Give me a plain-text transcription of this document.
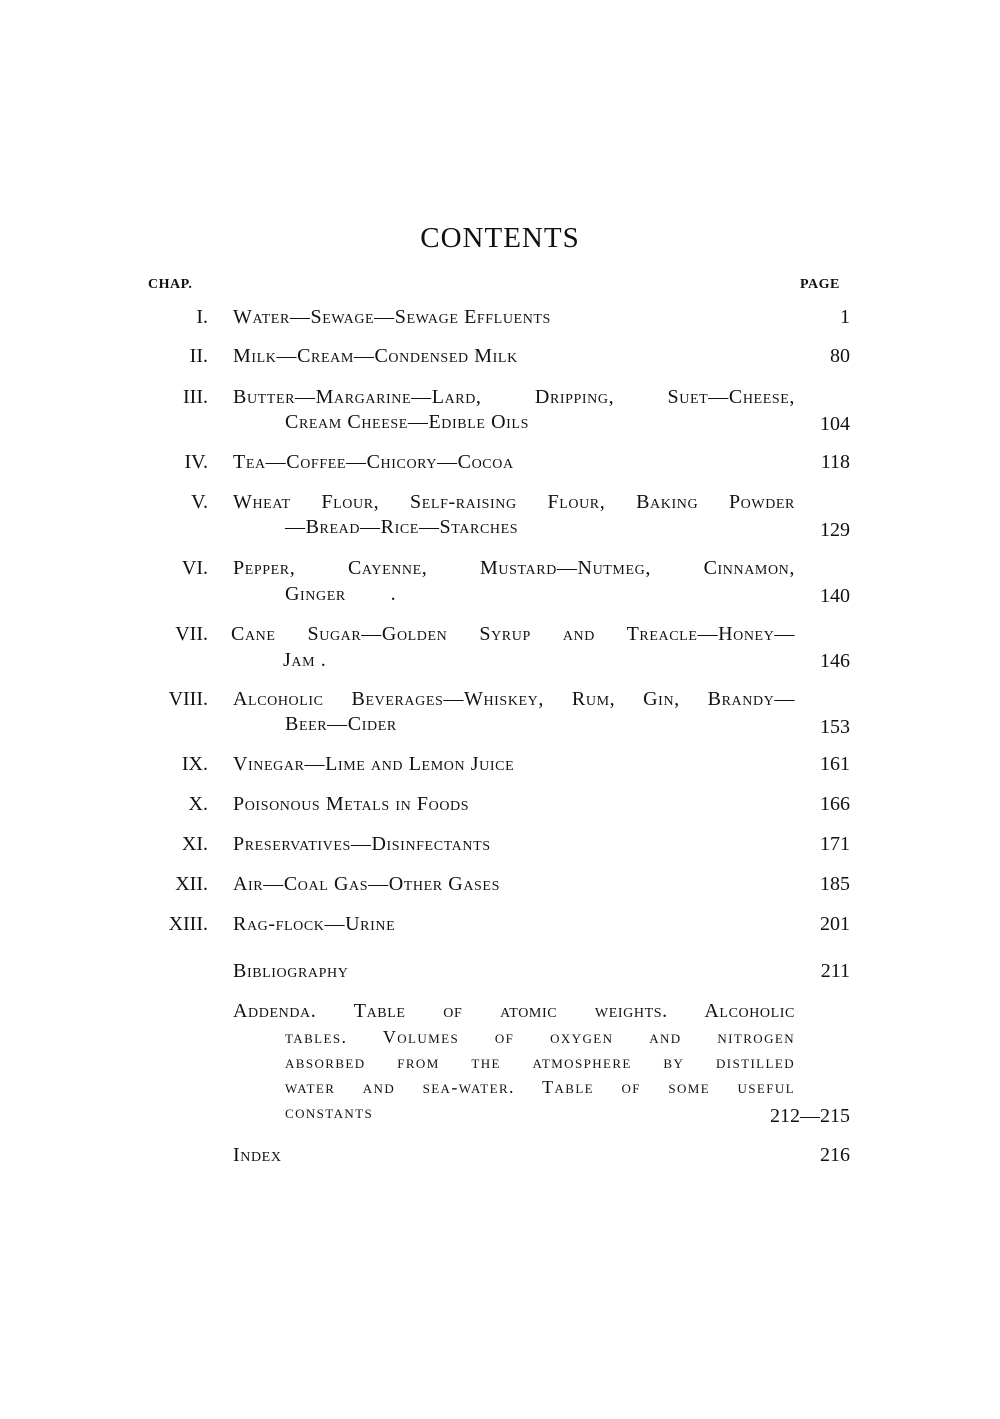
CONTENTS
CHAP.	PAGE
I. Water—Sewage—Sewage Effluents	1
II. Milk—Cream—Condensed Milk	80
III. Butter—Margarine—Lard, Dripping, Suet—Cheese,
Cream Cheese—Edible Oils	104
IV. Tea—Coffee—Chicory—Cocoa	118
V. Wheat Flour, Self-raising Flour, Baking Powder
—Bread—Rice—Starches	129
VI. Pepper, Cayenne, Mustard—Nutmeg, Cinnamon,
Ginger        .	140
VII. Cane Sugar—Golden Syrup and Treacle—Honey—
Jam .	146
VIII. Alcoholic Beverages—Whiskey, Rum, Gin, Brandy—
Beer—Cider	153
IX. Vinegar—Lime and Lemon Juice	161
X. Poisonous Metals in Foods	166
XI. Preservatives—Disinfectants	171
XII. Air—Coal Gas—Other Gases	185
XIII. Rag-flock—Urine	201
Bibliography	211
Addenda. Table of atomic weights. Alcoholic
tables. Volumes of oxygen and nitrogen
absorbed from the atmosphere by distilled
water and sea-water. Table of some useful
constants	212—215
Index	216
